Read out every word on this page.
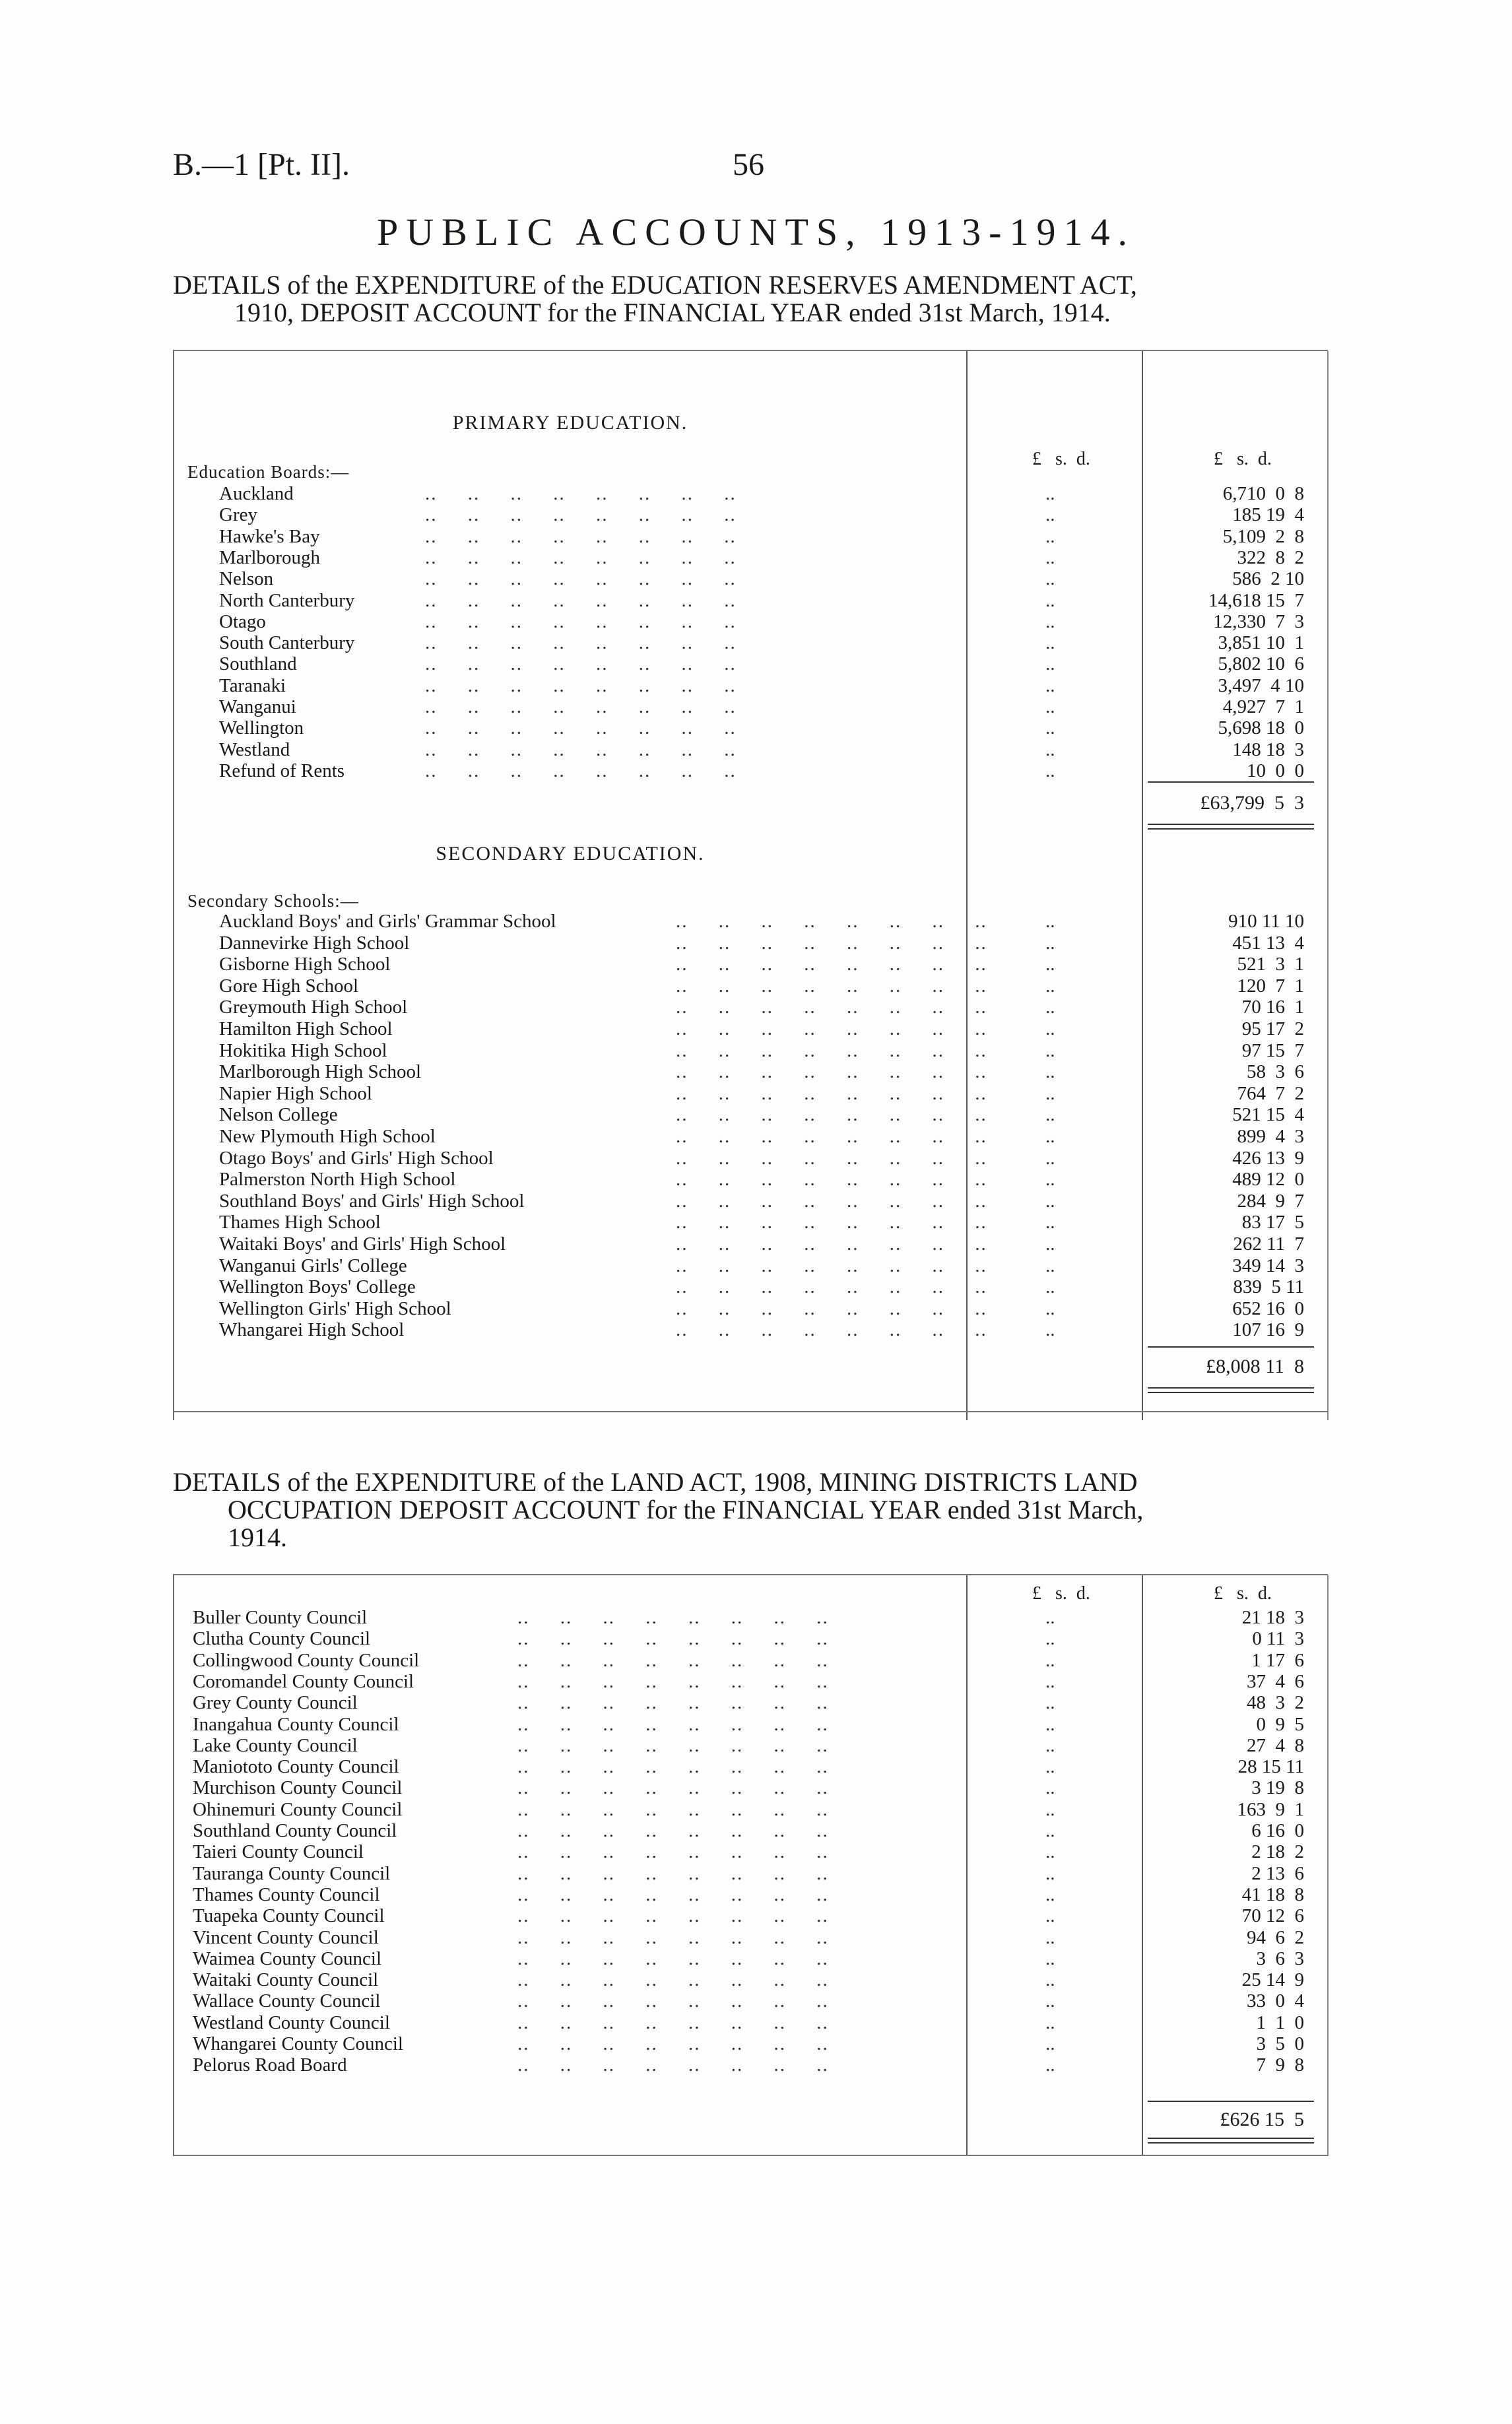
B.—1 [Pt. II].	56
PUBLIC ACCOUNTS, 1913-1914.
DETAILS of the EXPENDITURE of the EDUCATION RESERVES AMENDMENT ACT,
1910, DEPOSIT ACCOUNT for the FINANCIAL YEAR ended 31st March, 1914.
PRIMARY EDUCATION.
£   s.  d.	£   s.  d.
Education Boards:—
Auckland	..     ..     ..     ..     ..     ..     ..     ..	..	6,710  0  8
Grey	..     ..     ..     ..     ..     ..     ..     ..	..	185 19  4
Hawke's Bay	..     ..     ..     ..     ..     ..     ..     ..	..	5,109  2  8
Marlborough	..     ..     ..     ..     ..     ..     ..     ..	..	322  8  2
Nelson	..     ..     ..     ..     ..     ..     ..     ..	..	586  2 10
North Canterbury	..     ..     ..     ..     ..     ..     ..     ..	..	14,618 15  7
Otago	..     ..     ..     ..     ..     ..     ..     ..	..	12,330  7  3
South Canterbury	..     ..     ..     ..     ..     ..     ..     ..	..	3,851 10  1
Southland	..     ..     ..     ..     ..     ..     ..     ..	..	5,802 10  6
Taranaki	..     ..     ..     ..     ..     ..     ..     ..	..	3,497  4 10
Wanganui	..     ..     ..     ..     ..     ..     ..     ..	..	4,927  7  1
Wellington	..     ..     ..     ..     ..     ..     ..     ..	..	5,698 18  0
Westland	..     ..     ..     ..     ..     ..     ..     ..	..	148 18  3
Refund of Rents	..     ..     ..     ..     ..     ..     ..     ..	..	10  0  0
£63,799  5  3
SECONDARY EDUCATION.
Secondary Schools:—
Auckland Boys' and Girls' Grammar School	..     ..     ..     ..     ..     ..     ..     ..	..	910 11 10
Dannevirke High School	..     ..     ..     ..     ..     ..     ..     ..	..	451 13  4
Gisborne High School	..     ..     ..     ..     ..     ..     ..     ..	..	521  3  1
Gore High School	..     ..     ..     ..     ..     ..     ..     ..	..	120  7  1
Greymouth High School	..     ..     ..     ..     ..     ..     ..     ..	..	70 16  1
Hamilton High School	..     ..     ..     ..     ..     ..     ..     ..	..	95 17  2
Hokitika High School	..     ..     ..     ..     ..     ..     ..     ..	..	97 15  7
Marlborough High School	..     ..     ..     ..     ..     ..     ..     ..	..	58  3  6
Napier High School	..     ..     ..     ..     ..     ..     ..     ..	..	764  7  2
Nelson College	..     ..     ..     ..     ..     ..     ..     ..	..	521 15  4
New Plymouth High School	..     ..     ..     ..     ..     ..     ..     ..	..	899  4  3
Otago Boys' and Girls' High School	..     ..     ..     ..     ..     ..     ..     ..	..	426 13  9
Palmerston North High School	..     ..     ..     ..     ..     ..     ..     ..	..	489 12  0
Southland Boys' and Girls' High School	..     ..     ..     ..     ..     ..     ..     ..	..	284  9  7
Thames High School	..     ..     ..     ..     ..     ..     ..     ..	..	83 17  5
Waitaki Boys' and Girls' High School	..     ..     ..     ..     ..     ..     ..     ..	..	262 11  7
Wanganui Girls' College	..     ..     ..     ..     ..     ..     ..     ..	..	349 14  3
Wellington Boys' College	..     ..     ..     ..     ..     ..     ..     ..	..	839  5 11
Wellington Girls' High School	..     ..     ..     ..     ..     ..     ..     ..	..	652 16  0
Whangarei High School	..     ..     ..     ..     ..     ..     ..     ..	..	107 16  9
£8,008 11  8
DETAILS of the EXPENDITURE of the LAND ACT, 1908, MINING DISTRICTS LAND
OCCUPATION DEPOSIT ACCOUNT for the FINANCIAL YEAR ended 31st March,
1914.
£   s.  d.	£   s.  d.
Buller County Council	..     ..     ..     ..     ..     ..     ..     ..	..	21 18  3
Clutha County Council	..     ..     ..     ..     ..     ..     ..     ..	..	0 11  3
Collingwood County Council	..     ..     ..     ..     ..     ..     ..     ..	..	1 17  6
Coromandel County Council	..     ..     ..     ..     ..     ..     ..     ..	..	37  4  6
Grey County Council	..     ..     ..     ..     ..     ..     ..     ..	..	48  3  2
Inangahua County Council	..     ..     ..     ..     ..     ..     ..     ..	..	0  9  5
Lake County Council	..     ..     ..     ..     ..     ..     ..     ..	..	27  4  8
Maniototo County Council	..     ..     ..     ..     ..     ..     ..     ..	..	28 15 11
Murchison County Council	..     ..     ..     ..     ..     ..     ..     ..	..	3 19  8
Ohinemuri County Council	..     ..     ..     ..     ..     ..     ..     ..	..	163  9  1
Southland County Council	..     ..     ..     ..     ..     ..     ..     ..	..	6 16  0
Taieri County Council	..     ..     ..     ..     ..     ..     ..     ..	..	2 18  2
Tauranga County Council	..     ..     ..     ..     ..     ..     ..     ..	..	2 13  6
Thames County Council	..     ..     ..     ..     ..     ..     ..     ..	..	41 18  8
Tuapeka County Council	..     ..     ..     ..     ..     ..     ..     ..	..	70 12  6
Vincent County Council	..     ..     ..     ..     ..     ..     ..     ..	..	94  6  2
Waimea County Council	..     ..     ..     ..     ..     ..     ..     ..	..	3  6  3
Waitaki County Council	..     ..     ..     ..     ..     ..     ..     ..	..	25 14  9
Wallace County Council	..     ..     ..     ..     ..     ..     ..     ..	..	33  0  4
Westland County Council	..     ..     ..     ..     ..     ..     ..     ..	..	1  1  0
Whangarei County Council	..     ..     ..     ..     ..     ..     ..     ..	..	3  5  0
Pelorus Road Board	..     ..     ..     ..     ..     ..     ..     ..	..	7  9  8
£626 15  5
